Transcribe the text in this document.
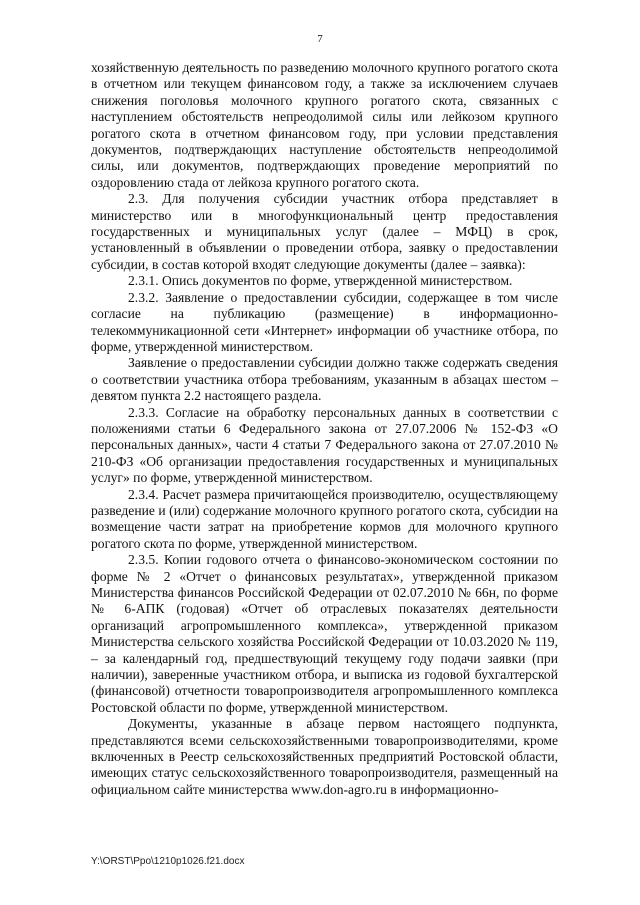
7

хозяйственную деятельность по разведению молочного крупного рогатого скота в отчетном или текущем финансовом году, а также за исключением случаев снижения поголовья молочного крупного рогатого скота, связанных с наступлением обстоятельств непреодолимой силы или лейкозом крупного рогатого скота в отчетном финансовом году, при условии представления документов, подтверждающих наступление обстоятельств непреодолимой силы, или документов, подтверждающих проведение мероприятий по оздоровлению стада от лейкоза крупного рогатого скота.

2.3. Для получения субсидии участник отбора представляет в министерство или в многофункциональный центр предоставления государственных и муниципальных услуг (далее – МФЦ) в срок, установленный в объявлении о проведении отбора, заявку о предоставлении субсидии, в состав которой входят следующие документы (далее – заявка):

2.3.1. Опись документов по форме, утвержденной министерством.

2.3.2. Заявление о предоставлении субсидии, содержащее в том числе согласие на публикацию (размещение) в информационно-телекоммуникационной сети «Интернет» информации об участнике отбора, по форме, утвержденной министерством.

Заявление о предоставлении субсидии должно также содержать сведения о соответствии участника отбора требованиям, указанным в абзацах шестом – девятом пункта 2.2 настоящего раздела.

2.3.3. Согласие на обработку персональных данных в соответствии с положениями статьи 6 Федерального закона от 27.07.2006 № 152-ФЗ «О персональных данных», части 4 статьи 7 Федерального закона от 27.07.2010 № 210-ФЗ «Об организации предоставления государственных и муниципальных услуг» по форме, утвержденной министерством.

2.3.4. Расчет размера причитающейся производителю, осуществляющему разведение и (или) содержание молочного крупного рогатого скота, субсидии на возмещение части затрат на приобретение кормов для молочного крупного рогатого скота по форме, утвержденной министерством.

2.3.5. Копии годового отчета о финансово-экономическом состоянии по форме № 2 «Отчет о финансовых результатах», утвержденной приказом Министерства финансов Российской Федерации от 02.07.2010 № 66н, по форме № 6-АПК (годовая) «Отчет об отраслевых показателях деятельности организаций агропромышленного комплекса», утвержденной приказом Министерства сельского хозяйства Российской Федерации от 10.03.2020 № 119, – за календарный год, предшествующий текущему году подачи заявки (при наличии), заверенные участником отбора, и выписка из годовой бухгалтерской (финансовой) отчетности товаропроизводителя агропромышленного комплекса Ростовской области по форме, утвержденной министерством.

Документы, указанные в абзаце первом настоящего подпункта, представляются всеми сельскохозяйственными товаропроизводителями, кроме включенных в Реестр сельскохозяйственных предприятий Ростовской области, имеющих статус сельскохозяйственного товаропроизводителя, размещенный на официальном сайте министерства www.don-agro.ru в информационно-

Y:\ORST\Ppo\1210p1026.f21.docx
